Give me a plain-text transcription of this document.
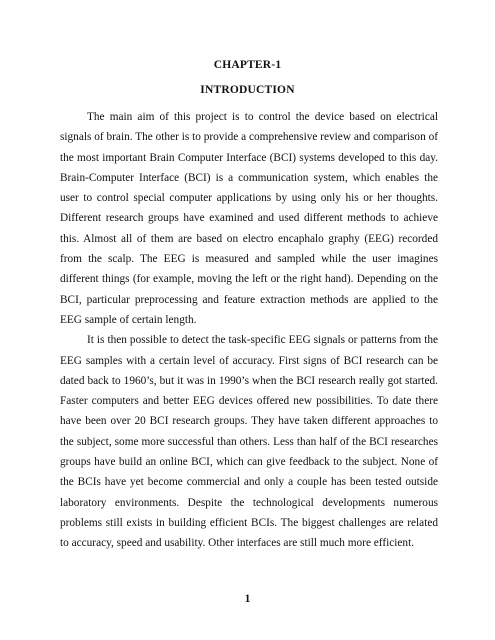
CHAPTER-1
INTRODUCTION

The main aim of this project is to control the device based on electrical signals of brain. The other is to provide a comprehensive review and comparison of the most important Brain Computer Interface (BCI) systems developed to this day. Brain-Computer Interface (BCI) is a communication system, which enables the user to control special computer applications by using only his or her thoughts. Different research groups have examined and used different methods to achieve this. Almost all of them are based on electro encaphalo graphy (EEG) recorded from the scalp. The EEG is measured and sampled while the user imagines different things (for example, moving the left or the right hand). Depending on the BCI, particular preprocessing and feature extraction methods are applied to the EEG sample of certain length.

It is then possible to detect the task-specific EEG signals or patterns from the EEG samples with a certain level of accuracy. First signs of BCI research can be dated back to 1960’s, but it was in 1990’s when the BCI research really got started. Faster computers and better EEG devices offered new possibilities. To date there have been over 20 BCI research groups. They have taken different approaches to the subject, some more successful than others. Less than half of the BCI researches groups have build an online BCI, which can give feedback to the subject. None of the BCIs have yet become commercial and only a couple has been tested outside laboratory environments. Despite the technological developments numerous problems still exists in building efficient BCIs. The biggest challenges are related to accuracy, speed and usability. Other interfaces are still much more efficient.

1
